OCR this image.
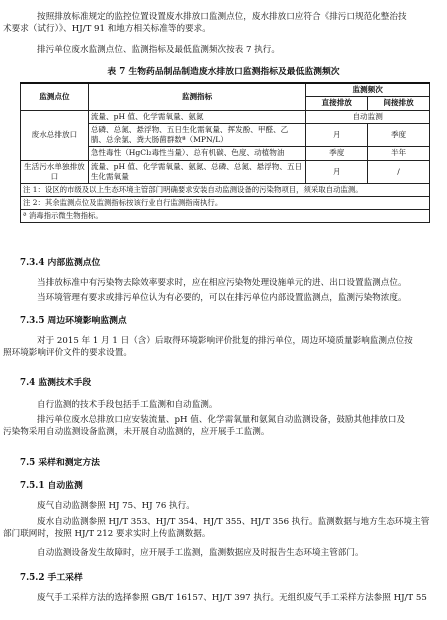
按照排放标准规定的监控位置设置废水排放口监测点位，废水排放口应符合《排污口规范化整治技
术要求（试行）》、HJ/T 91 和地方相关标准等的要求。
排污单位废水监测点位、监测指标及最低监测频次按表 7 执行。
表 7 生物药品制品制造废水排放口监测指标及最低监测频次
监测点位	监测指标	监测频次	
		直接排放	间接排放
废水总排放口	流量、pH 值、化学需氧量、氨氮	自动监测	
	总磷、总氮、悬浮物、五日生化需氧量、挥发酚、甲醛、乙腈、总余氯、粪大肠菌群数ª（MPN/L）	月	季度
	急性毒性（HgCl₂毒性当量）、总有机碳、色度、动植物油	季度	半年
生活污水单独排放口	流量、pH 值、化学需氧量、氨氮、总磷、总氮、悬浮物、五日生化需氧量	月	/
注 1：设区的市级及以上生态环境主管部门明确要求安装自动监测设备的污染物项目，须采取自动监测。			
注 2：其余监测点位及监测指标按该行业自行监测指南执行。			
ª 消毒指示微生物指标。			
7.3.4 内部监测点位
当排放标准中有污染物去除效率要求时，应在相应污染物处理设施单元的进、出口设置监测点位。
当环境管理有要求或排污单位认为有必要的，可以在排污单位内部设置监测点，监测污染物浓度。
7.3.5 周边环境影响监测点
对于 2015 年 1 月 1 日（含）后取得环境影响评价批复的排污单位，周边环境质量影响监测点位按
照环境影响评价文件的要求设置。
7.4 监测技术手段
自行监测的技术手段包括手工监测和自动监测。
排污单位废水总排放口应安装流量、pH 值、化学需氧量和氨氮自动监测设备，鼓励其他排放口及
污染物采用自动监测设备监测，未开展自动监测的，应开展手工监测。
7.5 采样和测定方法
7.5.1 自动监测
废气自动监测参照 HJ 75、HJ 76 执行。
废水自动监测参照 HJ/T 353、HJ/T 354、HJ/T 355、HJ/T 356 执行。监测数据与地方生态环境主管
部门联网时，按照 HJ/T 212 要求实时上传监测数据。
自动监测设备发生故障时，应开展手工监测，监测数据应及时报告生态环境主管部门。
7.5.2 手工采样
废气手工采样方法的选择参照 GB/T 16157、HJ/T 397 执行。无组织废气手工采样方法参照 HJ/T 55
